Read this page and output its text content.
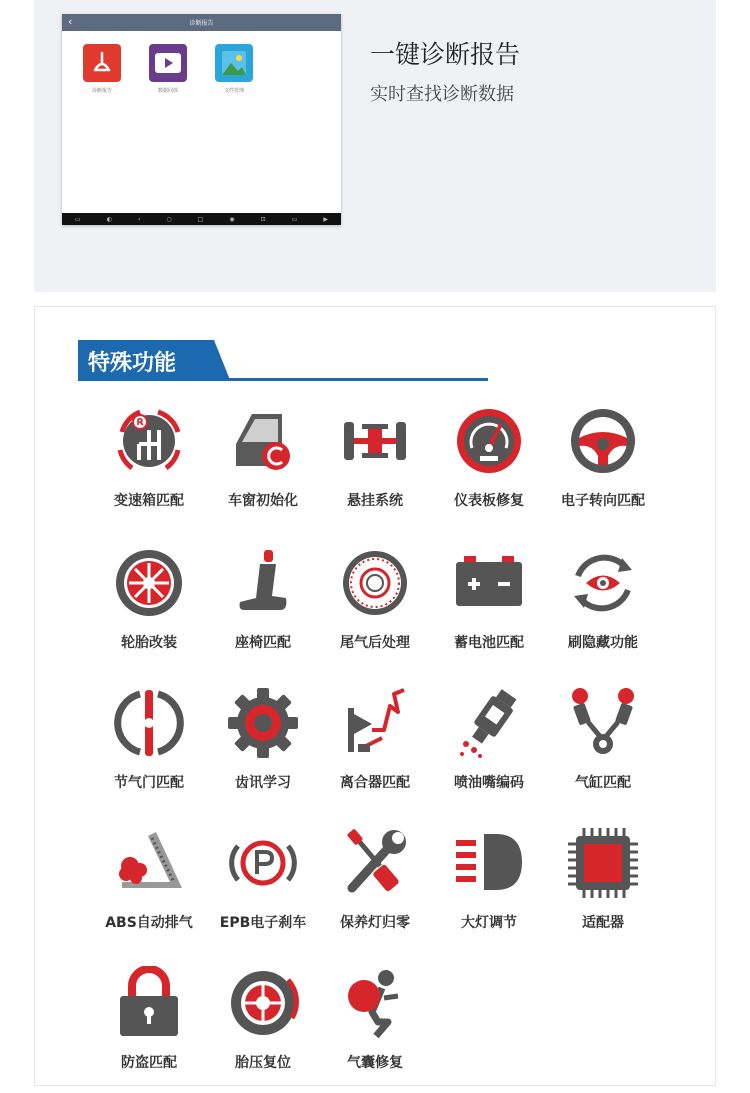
‹	诊断报告
诊断报告	数据回放	文件管理
▭	◐	‹	○	□	◉	⊡	▭	▶
一键诊断报告
实时查找诊断数据
特殊功能
变速箱匹配	车窗初始化	悬挂系统	仪表板修复	电子转向匹配
轮胎改装	座椅匹配	尾气后处理	蓄电池匹配	刷隐藏功能
节气门匹配	齿讯学习	离合器匹配	喷油嘴编码	气缸匹配
ABS自动排气	EPB电子刹车	保养灯归零	大灯调节	适配器
防盗匹配	胎压复位	气囊修复
